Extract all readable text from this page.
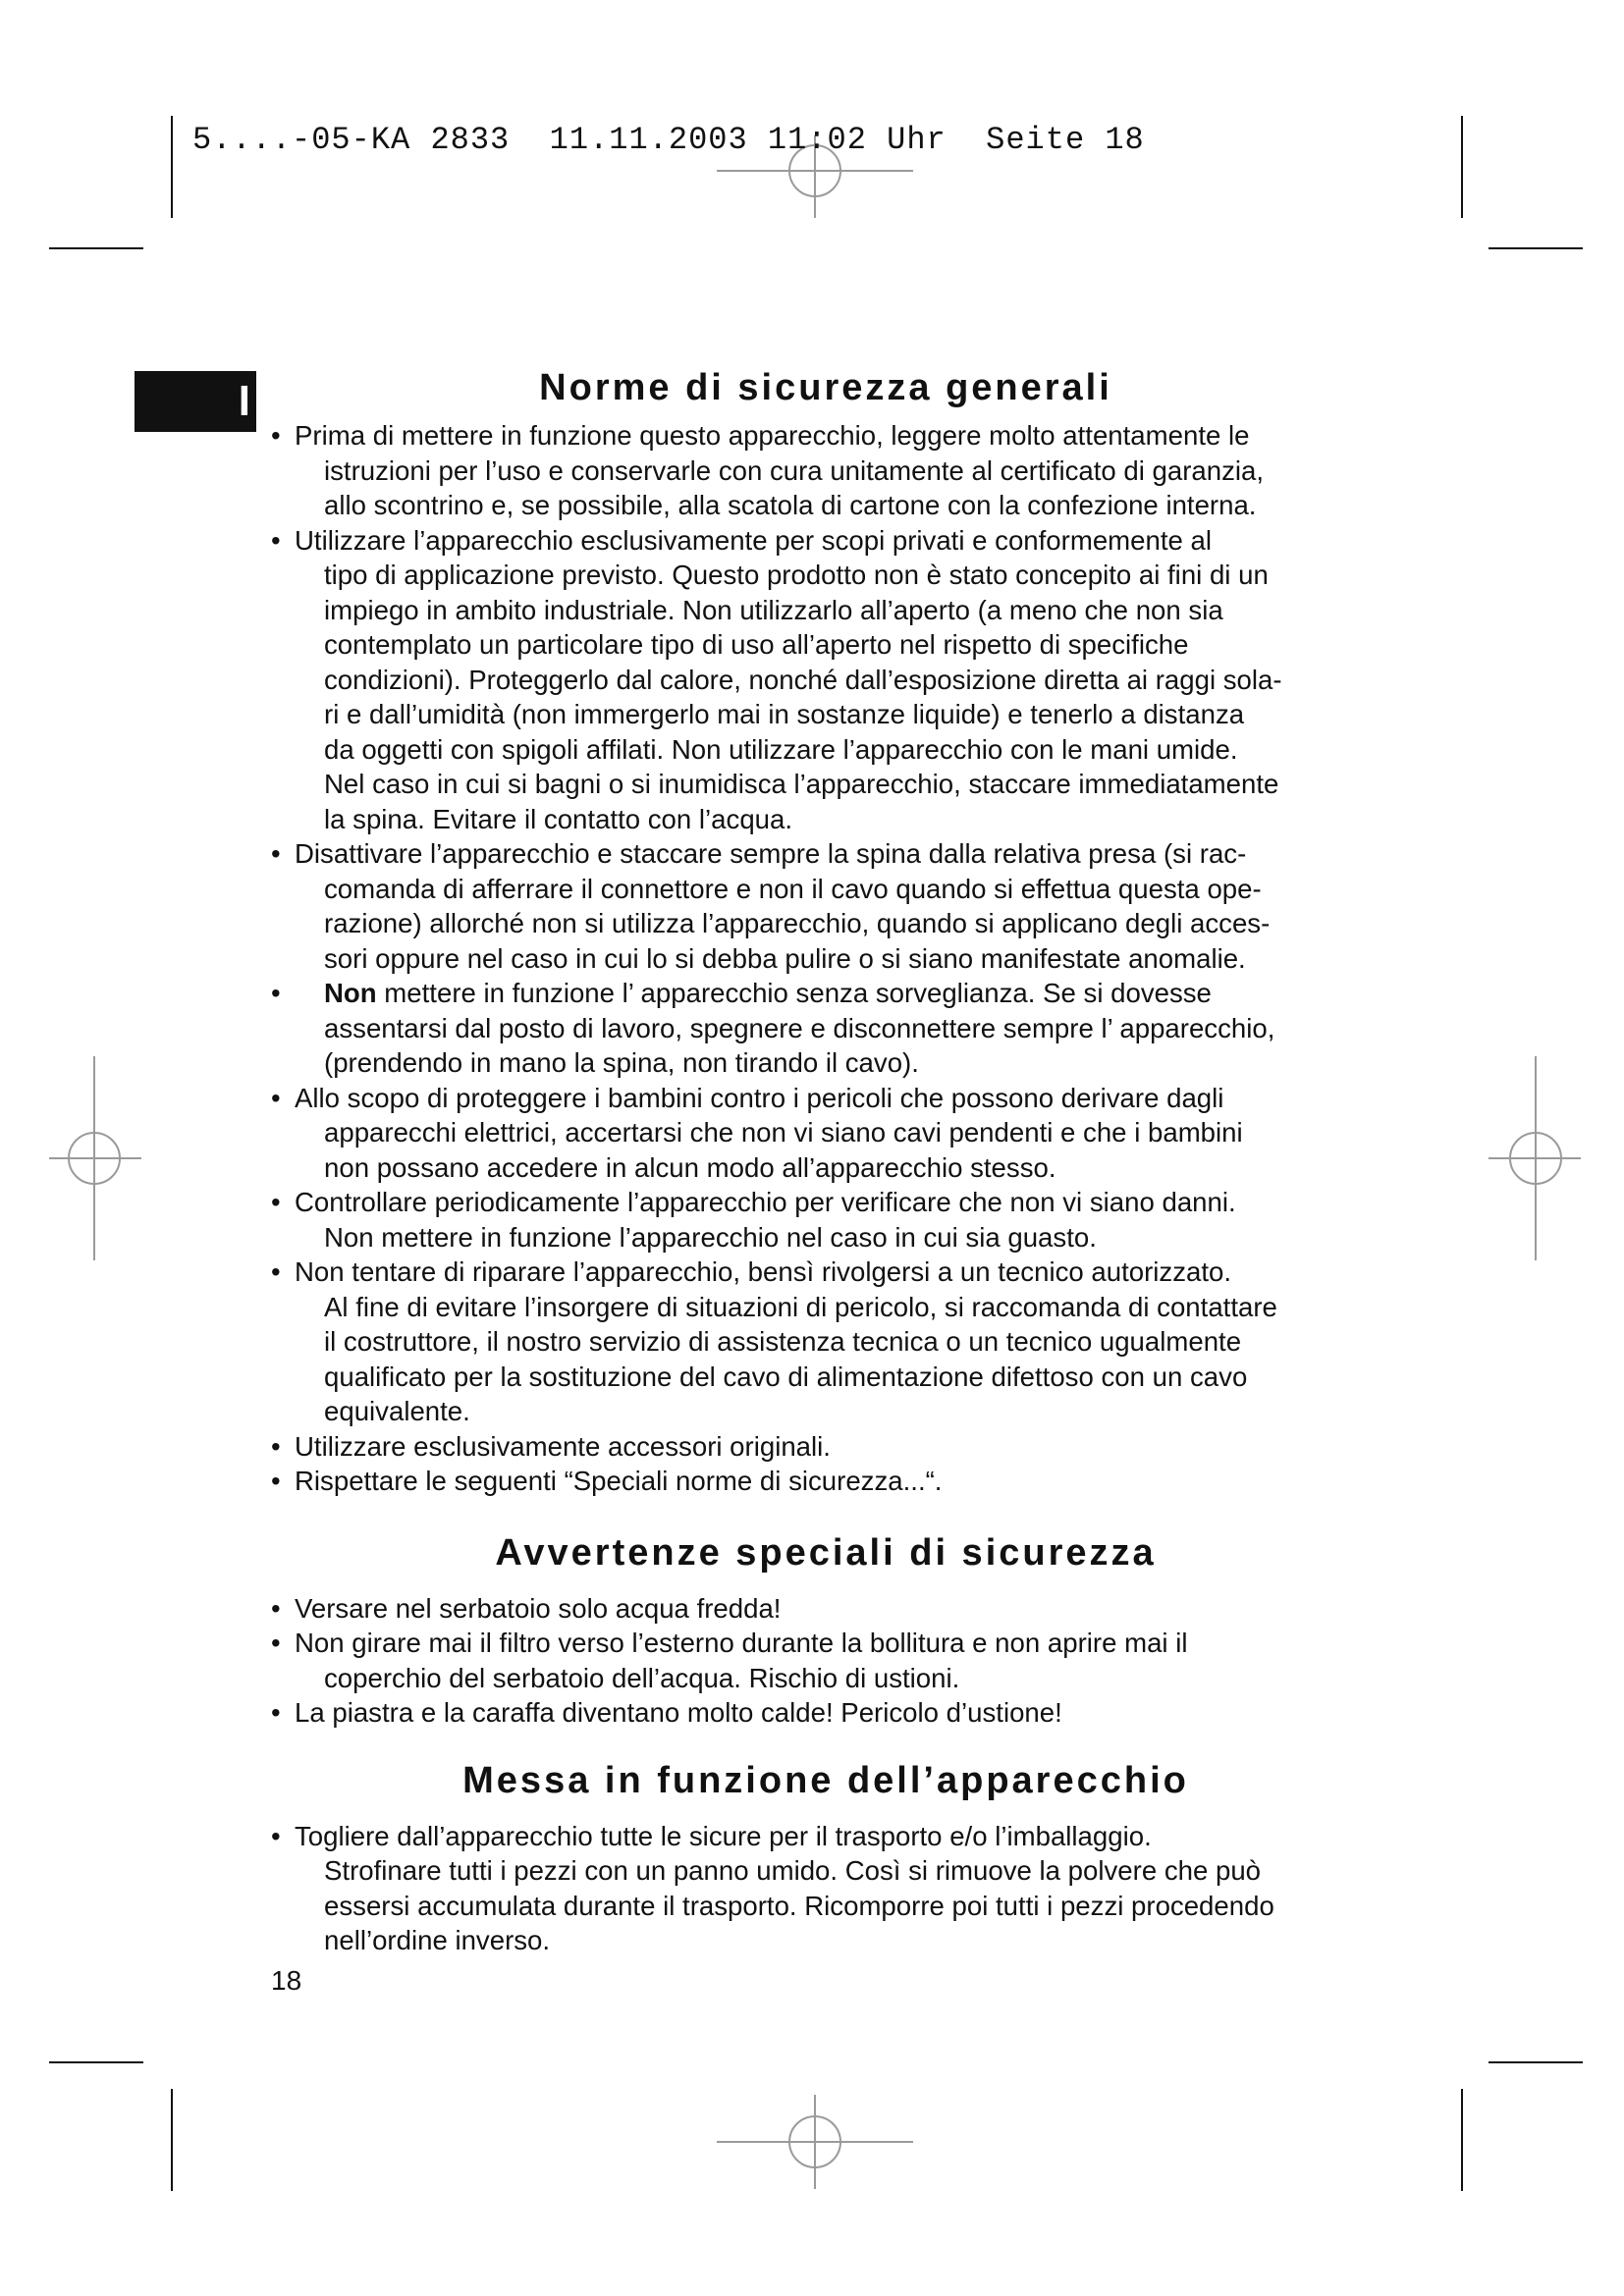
5....-05-KA 2833  11.11.2003 11:02 Uhr  Seite 18
I	Norme di sicurezza generali
• Prima di mettere in funzione questo apparecchio, leggere molto attentamente le
istruzioni per l’uso e conservarle con cura unitamente al certificato di garanzia,
allo scontrino e, se possibile, alla scatola di cartone con la confezione interna.
• Utilizzare l’apparecchio esclusivamente per scopi privati e conformemente al
tipo di applicazione previsto. Questo prodotto non è stato concepito ai fini di un
impiego in ambito industriale. Non utilizzarlo all’aperto (a meno che non sia
contemplato un particolare tipo di uso all’aperto nel rispetto di specifiche
condizioni). Proteggerlo dal calore, nonché dall’esposizione diretta ai raggi sola-
ri e dall’umidità (non immergerlo mai in sostanze liquide) e tenerlo a distanza
da oggetti con spigoli affilati. Non utilizzare l’apparecchio con le mani umide.
Nel caso in cui si bagni o si inumidisca l’apparecchio, staccare immediatamente
la spina. Evitare il contatto con l’acqua.
• Disattivare l’apparecchio e staccare sempre la spina dalla relativa presa (si rac-
comanda di afferrare il connettore e non il cavo quando si effettua questa ope-
razione) allorché non si utilizza l’apparecchio, quando si applicano degli acces-
sori oppure nel caso in cui lo si debba pulire o si siano manifestate anomalie.
• Non mettere in funzione l’ apparecchio senza sorveglianza. Se si dovesse
assentarsi dal posto di lavoro, spegnere e disconnettere sempre l’ apparecchio,
(prendendo in mano la spina, non tirando il cavo).
• Allo scopo di proteggere i bambini contro i pericoli che possono derivare dagli
apparecchi elettrici, accertarsi che non vi siano cavi pendenti e che i bambini
non possano accedere in alcun modo all’apparecchio stesso.
• Controllare periodicamente l’apparecchio per verificare che non vi siano danni.
Non mettere in funzione l’apparecchio nel caso in cui sia guasto.
• Non tentare di riparare l’apparecchio, bensì rivolgersi a un tecnico autorizzato.
Al fine di evitare l’insorgere di situazioni di pericolo, si raccomanda di contattare
il costruttore, il nostro servizio di assistenza tecnica o un tecnico ugualmente
qualificato per la sostituzione del cavo di alimentazione difettoso con un cavo
equivalente.
• Utilizzare esclusivamente accessori originali.
• Rispettare le seguenti “Speciali norme di sicurezza...“.
Avvertenze speciali di sicurezza
• Versare nel serbatoio solo acqua fredda!
• Non girare mai il filtro verso l’esterno durante la bollitura e non aprire mai il
coperchio del serbatoio dell’acqua. Rischio di ustioni.
• La piastra e la caraffa diventano molto calde! Pericolo d’ustione!
Messa in funzione dell’apparecchio
• Togliere dall’apparecchio tutte le sicure per il trasporto e/o l’imballaggio.
Strofinare tutti i pezzi con un panno umido. Così si rimuove la polvere che può
essersi accumulata durante il trasporto. Ricomporre poi tutti i pezzi procedendo
nell’ordine inverso.
18
